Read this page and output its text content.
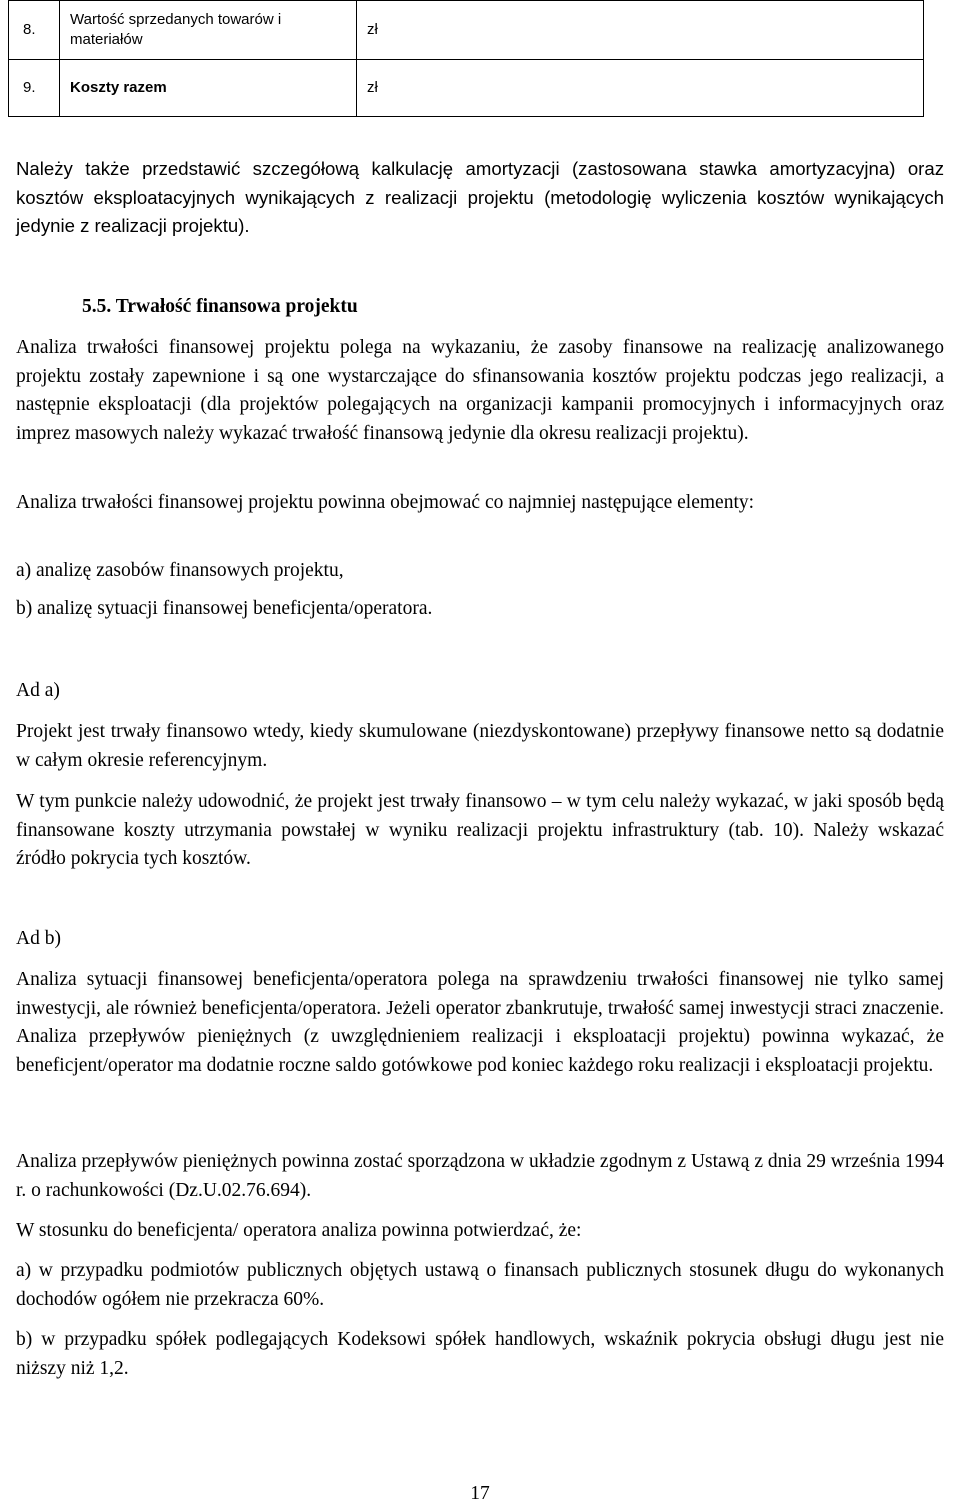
8.	Wartość sprzedanych towarów i materiałów	zł
9.	Koszty razem	zł

Należy także przedstawić szczegółową kalkulację amortyzacji (zastosowana stawka amortyzacyjna) oraz kosztów eksploatacyjnych wynikających z realizacji projektu (metodologię wyliczenia kosztów wynikających jedynie z realizacji projektu).

5.5. Trwałość finansowa projektu

Analiza trwałości finansowej projektu polega na wykazaniu, że zasoby finansowe na realizację analizowanego projektu zostały zapewnione i są one wystarczające do sfinansowania kosztów projektu podczas jego realizacji, a następnie eksploatacji (dla projektów polegających na organizacji kampanii promocyjnych i informacyjnych oraz imprez masowych należy wykazać trwałość finansową jedynie dla okresu realizacji projektu).

Analiza trwałości finansowej projektu powinna obejmować co najmniej następujące elementy:

a) analizę zasobów finansowych projektu,

b) analizę sytuacji finansowej beneficjenta/operatora.

Ad a)

Projekt jest trwały finansowo wtedy, kiedy skumulowane (niezdyskontowane) przepływy finansowe netto są dodatnie w całym okresie referencyjnym.

W tym punkcie należy udowodnić, że projekt jest trwały finansowo – w tym celu należy wykazać, w jaki sposób będą finansowane koszty utrzymania powstałej w wyniku realizacji projektu infrastruktury (tab. 10). Należy wskazać źródło pokrycia tych kosztów.

Ad b)

Analiza sytuacji finansowej beneficjenta/operatora polega na sprawdzeniu trwałości finansowej nie tylko samej inwestycji, ale również beneficjenta/operatora. Jeżeli operator zbankrutuje, trwałość samej inwestycji straci znaczenie. Analiza przepływów pieniężnych (z uwzględnieniem realizacji i eksploatacji projektu) powinna wykazać, że beneficjent/operator ma dodatnie roczne saldo gotówkowe pod koniec każdego roku realizacji i eksploatacji projektu.

Analiza przepływów pieniężnych powinna zostać sporządzona w układzie zgodnym z Ustawą z dnia 29 września 1994 r. o rachunkowości (Dz.U.02.76.694).

W stosunku do beneficjenta/ operatora analiza powinna potwierdzać, że:

a) w przypadku podmiotów publicznych objętych ustawą o finansach publicznych stosunek długu do wykonanych dochodów ogółem nie przekracza 60%.

b) w przypadku spółek podlegających Kodeksowi spółek handlowych, wskaźnik pokrycia obsługi długu jest nie niższy niż 1,2.

17
